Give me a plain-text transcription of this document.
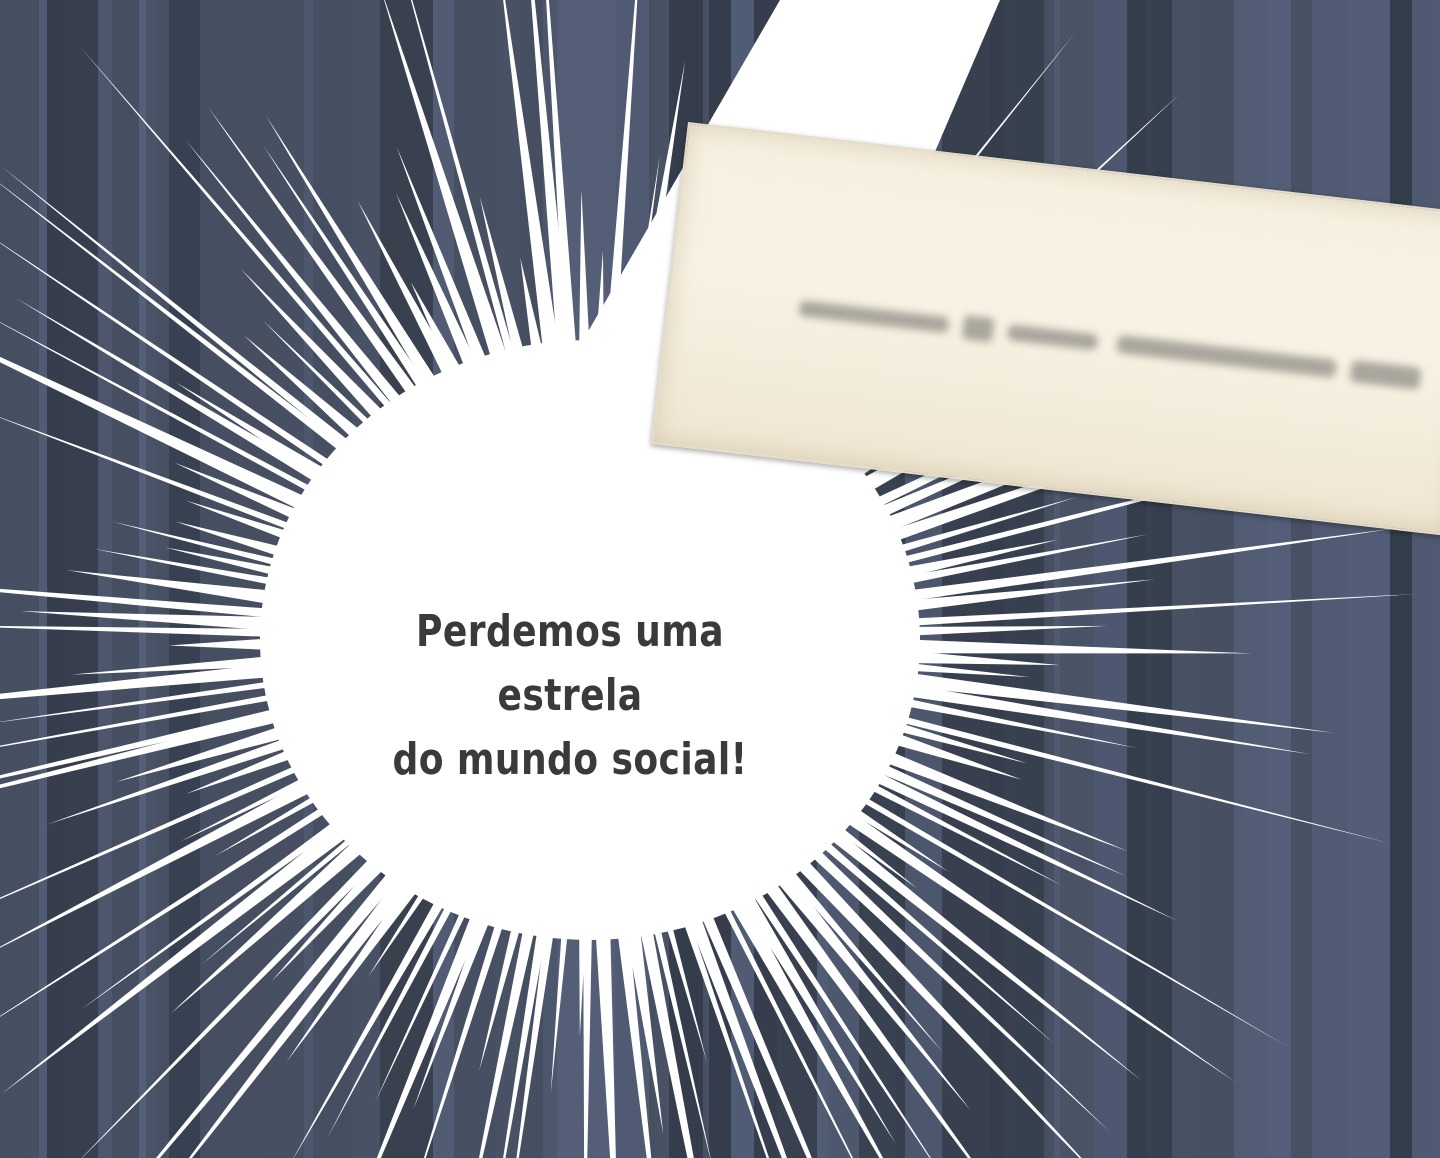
Perdemos uma estrela
do mundo social!
